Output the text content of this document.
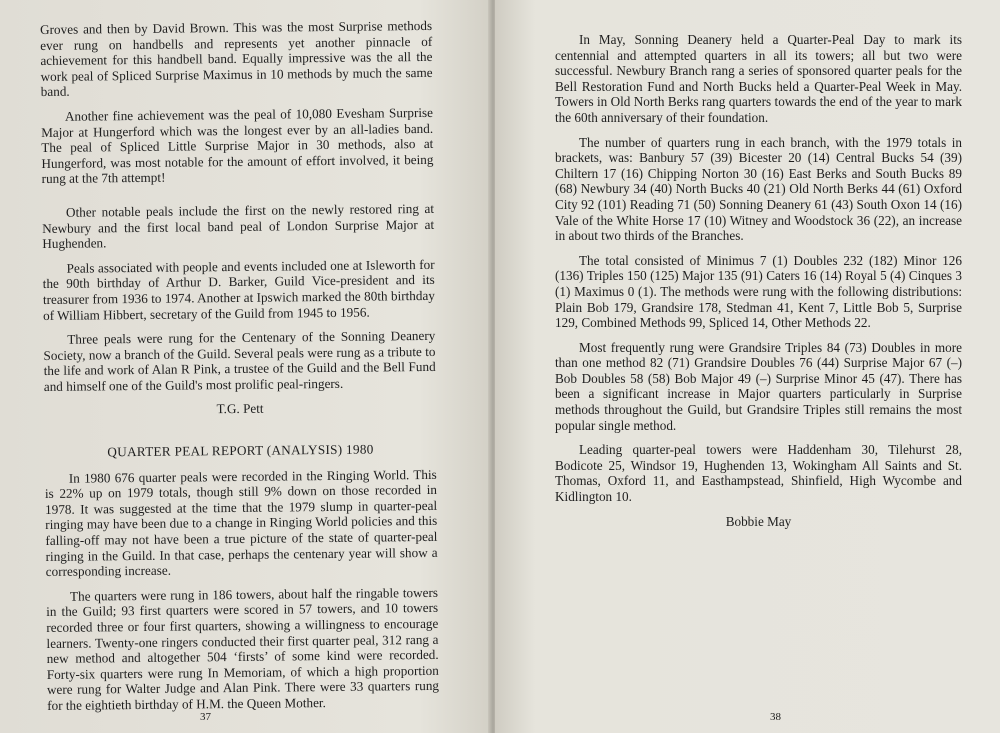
Groves and then by David Brown. This was the most Surprise methods ever rung on handbells and represents yet another pinnacle of achievement for this handbell band. Equally impressive was the all the work peal of Spliced Surprise Maximus in 10 methods by much the same band.

Another fine achievement was the peal of 10,080 Evesham Surprise Major at Hungerford which was the longest ever by an all-ladies band. The peal of Spliced Little Surprise Major in 30 methods, also at Hungerford, was most notable for the amount of effort involved, it being rung at the 7th attempt!

Other notable peals include the first on the newly restored ring at Newbury and the first local band peal of London Surprise Major at Hughenden.

Peals associated with people and events included one at Isleworth for the 90th birthday of Arthur D. Barker, Guild Vice-president and its treasurer from 1936 to 1974. Another at Ipswich marked the 80th birthday of William Hibbert, secretary of the Guild from 1945 to 1956.

Three peals were rung for the Centenary of the Sonning Deanery Society, now a branch of the Guild. Several peals were rung as a tribute to the life and work of Alan R Pink, a trustee of the Guild and the Bell Fund and himself one of the Guild's most prolific peal-ringers.

T.G. Pett
QUARTER PEAL REPORT (ANALYSIS) 1980

In 1980 676 quarter peals were recorded in the Ringing World. This is 22% up on 1979 totals, though still 9% down on those recorded in 1978. It was suggested at the time that the 1979 slump in quarter-peal ringing may have been due to a change in Ringing World policies and this falling-off may not have been a true picture of the state of quarter-peal ringing in the Guild. In that case, perhaps the centenary year will show a corresponding increase.

The quarters were rung in 186 towers, about half the ringable towers in the Guild; 93 first quarters were scored in 57 towers, and 10 towers recorded three or four first quarters, showing a willingness to encourage learners. Twenty-one ringers conducted their first quarter peal, 312 rang a new method and altogether 504 ‘firsts’ of some kind were recorded. Forty-six quarters were rung In Memoriam, of which a high proportion were rung for Walter Judge and Alan Pink. There were 33 quarters rung for the eightieth birthday of H.M. the Queen Mother.

37

In May, Sonning Deanery held a Quarter-Peal Day to mark its centennial and attempted quarters in all its towers; all but two were successful. Newbury Branch rang a series of sponsored quarter peals for the Bell Restoration Fund and North Bucks held a Quarter-Peal Week in May. Towers in Old North Berks rang quarters towards the end of the year to mark the 60th anniversary of their foundation.

The number of quarters rung in each branch, with the 1979 totals in brackets, was: Banbury 57 (39) Bicester 20 (14) Central Bucks 54 (39) Chiltern 17 (16) Chipping Norton 30 (16) East Berks and South Bucks 89 (68) Newbury 34 (40) North Bucks 40 (21) Old North Berks 44 (61) Oxford City 92 (101) Reading 71 (50) Sonning Deanery 61 (43) South Oxon 14 (16) Vale of the White Horse 17 (10) Witney and Woodstock 36 (22), an increase in about two thirds of the Branches.

The total consisted of Minimus 7 (1) Doubles 232 (182) Minor 126 (136) Triples 150 (125) Major 135 (91) Caters 16 (14) Royal 5 (4) Cinques 3 (1) Maximus 0 (1). The methods were rung with the following distributions: Plain Bob 179, Grandsire 178, Stedman 41, Kent 7, Little Bob 5, Surprise 129, Combined Methods 99, Spliced 14, Other Methods 22.

Most frequently rung were Grandsire Triples 84 (73) Doubles in more than one method 82 (71) Grandsire Doubles 76 (44) Surprise Major 67 (–) Bob Doubles 58 (58) Bob Major 49 (–) Surprise Minor 45 (47). There has been a significant increase in Major quarters particularly in Surprise methods throughout the Guild, but Grandsire Triples still remains the most popular single method.

Leading quarter-peal towers were Haddenham 30, Tilehurst 28, Bodicote 25, Windsor 19, Hughenden 13, Wokingham All Saints and St. Thomas, Oxford 11, and Easthampstead, Shinfield, High Wycombe and Kidlington 10.

Bobbie May
38
